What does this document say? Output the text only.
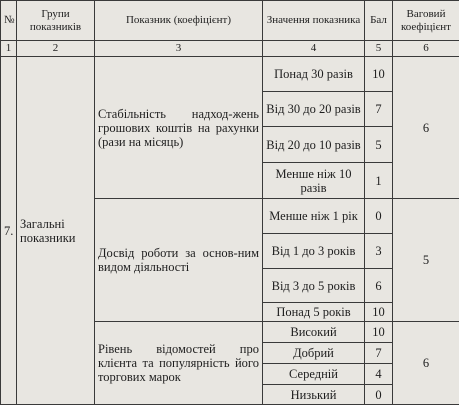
№	Групи показників	Показник (коефіцієнт)	Значення показника	Бал	Ваговий коефіцієнт
1	2	3	4	5	6
7.	Загальні показники	Стабільність надход-жень грошових коштів на рахунки (рази на місяць)	Понад 30 разів	10	6
			Від 30 до 20 разів	7	
			Від 20 до 10 разів	5	
			Менше ніж 10 разів	1	
		Досвід роботи за основ-ним видом діяльності	Менше ніж 1 рік	0	5
			Від 1 до 3 років	3	
			Від 3 до 5 років	6	
			Понад 5 років	10	
		Рівень відомостей про клієнта та популярність його торгових марок	Високий	10	6
			Добрий	7	
			Середній	4	
			Низький	0	
